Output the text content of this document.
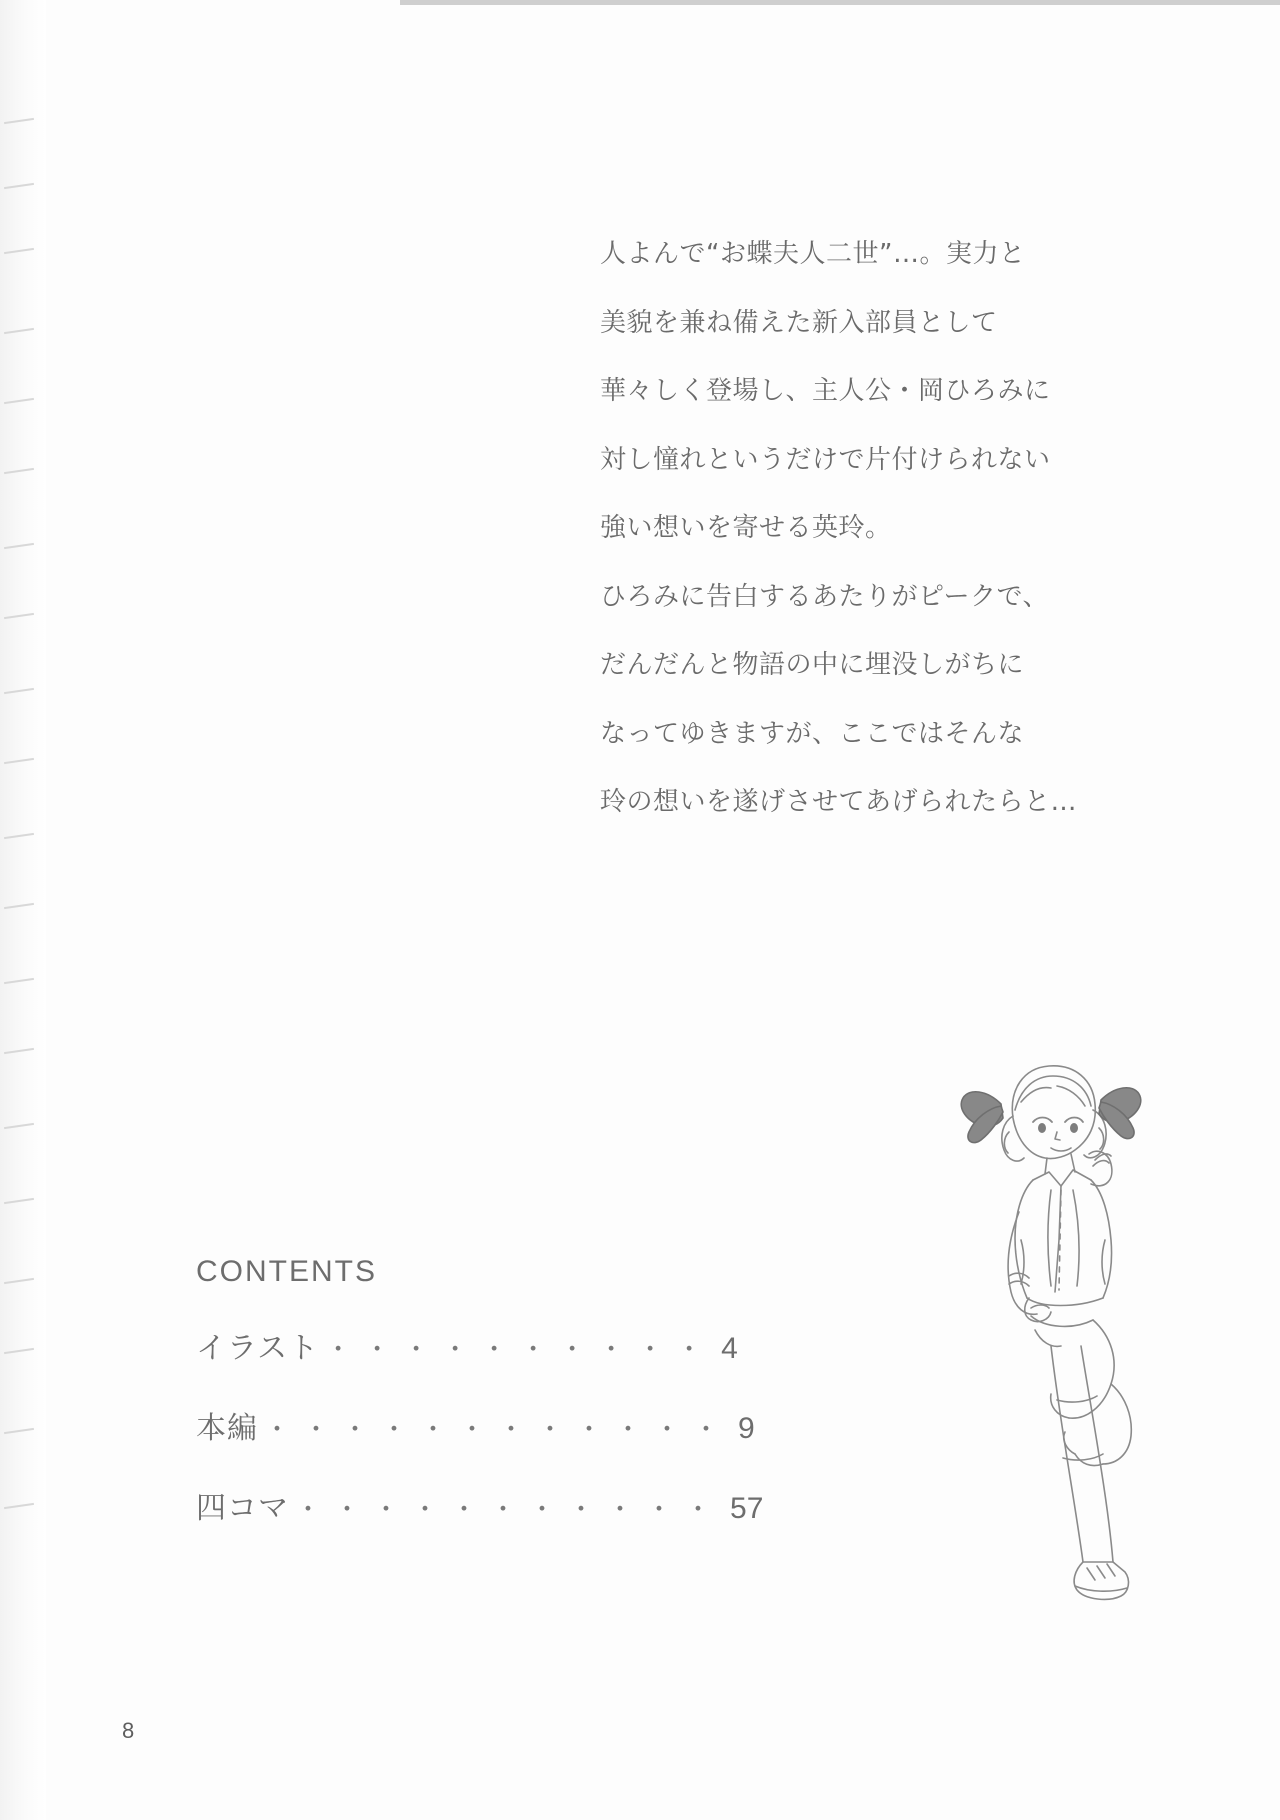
人よんで“お蝶夫人二世”…。実力と

美貌を兼ね備えた新入部員として

華々しく登場し、主人公・岡ひろみに

対し憧れというだけで片付けられない

強い想いを寄せる英玲。

ひろみに告白するあたりがピークで、

だんだんと物語の中に埋没しがちに

なってゆきますが、ここではそんな

玲の想いを遂げさせてあげられたらと…

CONTENTS
イラスト ・・・・・・・・・・ 4
本編 ・・・・・・・・・・・・ 9
四コマ ・・・・・・・・・・・ 57
8
